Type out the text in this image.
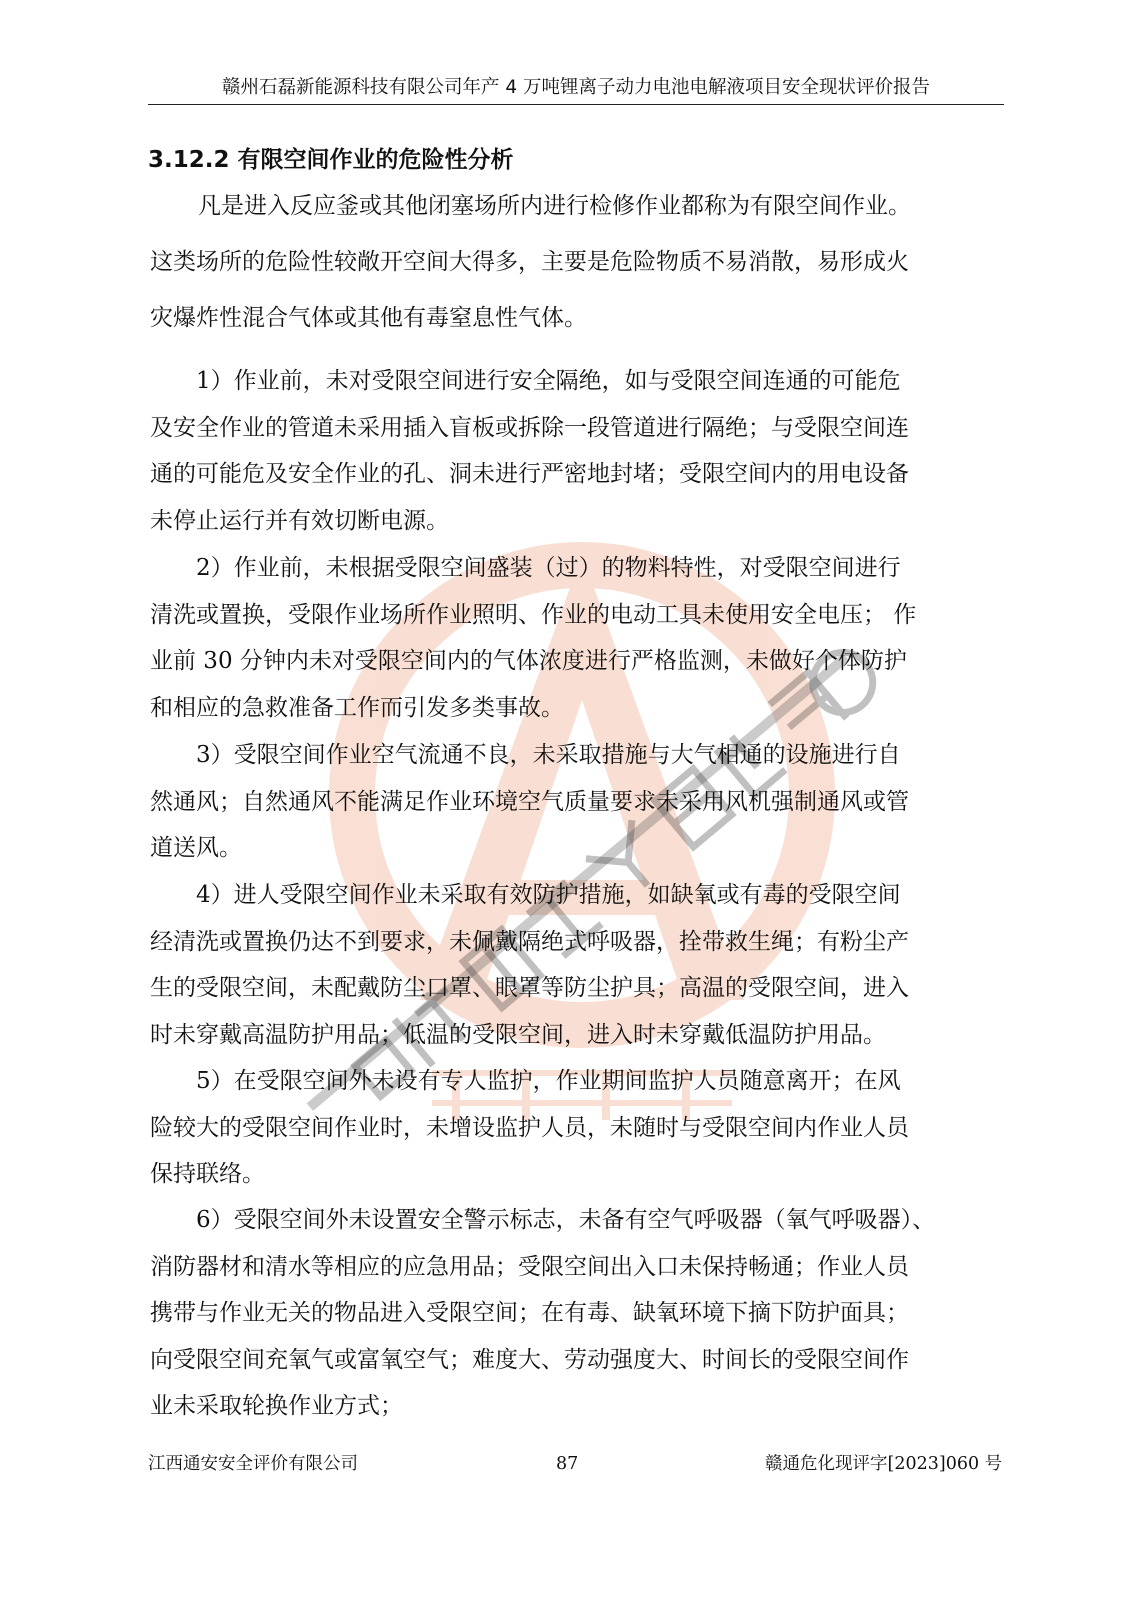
赣州石磊新能源科技有限公司年产 4 万吨锂离子动力电池电解液项目安全现状评价报告
3.12.2 有限空间作业的危险性分析
凡是进入反应釜或其他闭塞场所内进行检修作业都称为有限空间作业。
这类场所的危险性较敞开空间大得多，主要是危险物质不易消散，易形成火
灾爆炸性混合气体或其他有毒窒息性气体。
1）作业前，未对受限空间进行安全隔绝，如与受限空间连通的可能危
及安全作业的管道未采用插入盲板或拆除一段管道进行隔绝；与受限空间连
通的可能危及安全作业的孔、洞未进行严密地封堵；受限空间内的用电设备
未停止运行并有效切断电源。
2）作业前，未根据受限空间盛装（过）的物料特性，对受限空间进行
清洗或置换，受限作业场所作业照明、作业的电动工具未使用安全电压； 作
业前 30 分钟内未对受限空间内的气体浓度进行严格监测，未做好个体防护
和相应的急救准备工作而引发多类事故。
3）受限空间作业空气流通不良，未采取措施与大气相通的设施进行自
然通风；自然通风不能满足作业环境空气质量要求未采用风机强制通风或管
道送风。
4）进人受限空间作业未采取有效防护措施，如缺氧或有毒的受限空间
经清洗或置换仍达不到要求，未佩戴隔绝式呼吸器，拴带救生绳；有粉尘产
生的受限空间，未配戴防尘口罩、眼罩等防尘护具；高温的受限空间，进入
时未穿戴高温防护用品；低温的受限空间，进入时未穿戴低温防护用品。
5）在受限空间外未设有专人监护，作业期间监护人员随意离开；在风
险较大的受限空间作业时，未增设监护人员，未随时与受限空间内作业人员
保持联络。
6）受限空间外未设置安全警示标志，未备有空气呼吸器（氧气呼吸器）、
消防器材和清水等相应的应急用品；受限空间出入口未保持畅通；作业人员
携带与作业无关的物品进入受限空间；在有毒、缺氧环境下摘下防护面具；
向受限空间充氧气或富氧空气；难度大、劳动强度大、时间长的受限空间作
业未采取轮换作业方式；
江西通安安全评价有限公司	87	赣通危化现评字[2023]060 号
